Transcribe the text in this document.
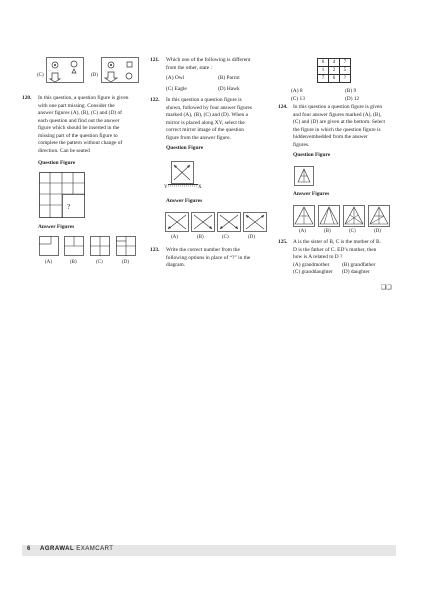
(C)	(D)
120. In this question, a question figure is given
with one part missing. Consider the
answer figures (A), (B), (C) and (D) of
each question and find out the answer
figure which should be inserted in the
missing part of the question figure to
complete the pattern without change of
direction. Can be seated
Question Figure
?
Answer Figures
(A)	(B)	(C)	(D)
121. Which one of the following is different
from the other, state :
(A) Owl	(B) Parrot
(C) Eagle	(D) Hawk
122. In this question a question figure is
shown, followed by four answer figures
marked (A), (B), (C) and (D). When a
mirror is placed along XY, select the
correct mirror image of the question
figure from the answer figure.
Question Figure
Y	X
Answer Figures
(A)	(B)	(C)	(D)
123. Write the correct number from the
following options in place of “?” in the
diagram.
6	4	7
1	2	5
7	6	?
(A) 8	(B) 9
(C) 13	(D) 12
124. In this question a question figure is given
and four answer figures marked (A), (B),
(C) and (D) are given at the bottom. Select
the figure in which the question figure is
hidden/embedded from the answer
figures.
Question Figure
Answer Figures
(A)	(B)	(C)	(D)
125. A is the sister of B, C is the mother of B.
D is the father of C. ED’s mother, then
how is A related to D ?
(A) grandmother (B) grandfather
(C) granddaughter (D) daughter
❑❑
6 AGRAWAL EXAMCART
